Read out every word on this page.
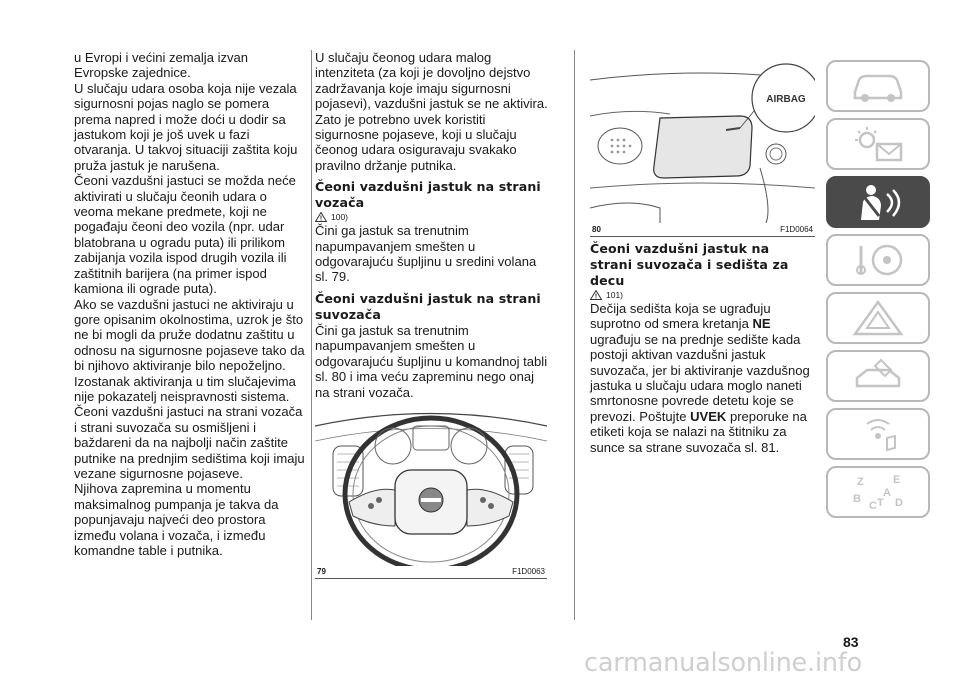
u Evropi i većini zemalja izvan Evropske zajednice.

U slučaju udara osoba koja nije vezala sigurnosni pojas naglo se pomera prema napred i može doći u dodir sa jastukom koji je još uvek u fazi otvaranja. U takvoj situaciji zaštita koju pruža jastuk je narušena.

Čeoni vazdušni jastuci se možda neće aktivirati u slučaju čeonih udara o veoma mekane predmete, koji ne pogađaju čeoni deo vozila (npr. udar blatobrana u ogradu puta) ili prilikom zabijanja vozila ispod drugih vozila ili zaštitnih barijera (na primer ispod kamiona ili ograde puta).

Ako se vazdušni jastuci ne aktiviraju u gore opisanim okolnostima, uzrok je što ne bi mogli da pruže dodatnu zaštitu u odnosu na sigurnosne pojaseve tako da bi njihovo aktiviranje bilo nepoželjno. Izostanak aktiviranja u tim slučajevima nije pokazatelj neispravnosti sistema.

Čeoni vazdušni jastuci na strani vozača i strani suvozača su osmišljeni i baždareni da na najbolji način zaštite putnike na prednjim sedištima koji imaju vezane sigurnosne pojaseve.

Njihova zapremina u momentu maksimalnog pumpanja je takva da popunjavaju najveći deo prostora između volana i vozača, i između komandne table i putnika.

U slučaju čeonog udara malog intenziteta (za koji je dovoljno dejstvo zadržavanja koje imaju sigurnosni pojasevi), vazdušni jastuk se ne aktivira. Zato je potrebno uvek koristiti sigurnosne pojaseve, koji u slučaju čeonog udara osiguravaju svakako pravilno držanje putnika.

Čeoni vazdušni jastuk na strani vozača

100)

Čini ga jastuk sa trenutnim napumpavanjem smešten u odgovarajuću šupljinu u sredini volana sl. 79.

Čeoni vazdušni jastuk na strani suvozača

Čini ga jastuk sa trenutnim napumpavanjem smešten u odgovarajuću šupljinu u komandnoj tabli sl. 80 i ima veću zapreminu nego onaj na strani vozača.

79	F1D0063
AIRBAG
80	F1D0064

Čeoni vazdušni jastuk na strani suvozača i sedišta za decu

101)

Dečija sedišta koja se ugrađuju suprotno od smera kretanja NE ugrađuju se na prednje sedište kada postoji aktivan vazdušni jastuk suvozača, jer bi aktiviranje vazdušnog jastuka u slučaju udara moglo naneti smrtonosne povrede detetu koje se prevozi. Poštujte UVEK preporuke na etiketi koja se nalazi na štitniku za sunce sa strane suvozača sl. 81.

Z	E
A
B
C D
T
83
carmanualsonline.info
